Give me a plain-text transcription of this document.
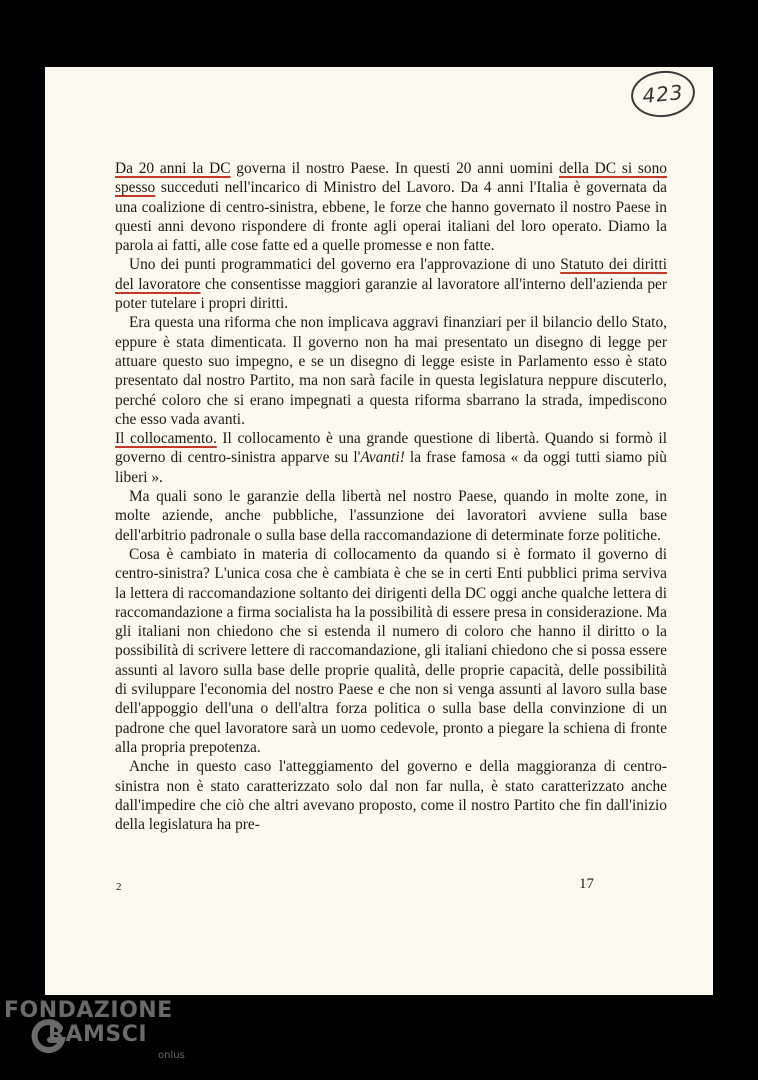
423

Da 20 anni la DC governa il nostro Paese. In questi 20 anni uomini della DC si sono spesso succeduti nell'incarico di Ministro del Lavoro. Da 4 anni l'Italia è governata da una coalizione di centro-sinistra, ebbene, le forze che hanno governato il nostro Paese in questi anni devono rispondere di fronte agli operai italiani del loro operato. Diamo la parola ai fatti, alle cose fatte ed a quelle promesse e non fatte.

Uno dei punti programmatici del governo era l'approvazione di uno Statuto dei diritti del lavoratore che consentisse maggiori garanzie al lavoratore all'interno dell'azienda per poter tutelare i propri diritti.

Era questa una riforma che non implicava aggravi finanziari per il bilancio dello Stato, eppure è stata dimenticata. Il governo non ha mai presentato un disegno di legge per attuare questo suo impegno, e se un disegno di legge esiste in Parlamento esso è stato presentato dal nostro Partito, ma non sarà facile in questa legislatura neppure discuterlo, perché coloro che si erano impegnati a questa riforma sbarrano la strada, impediscono che esso vada avanti.

Il collocamento. Il collocamento è una grande questione di libertà. Quando si formò il governo di centro-sinistra apparve su l'Avanti! la frase famosa « da oggi tutti siamo più liberi ».

Ma quali sono le garanzie della libertà nel nostro Paese, quando in molte zone, in molte aziende, anche pubbliche, l'assunzione dei lavoratori avviene sulla base dell'arbitrio padronale o sulla base della raccomandazione di determinate forze politiche.

Cosa è cambiato in materia di collocamento da quando si è formato il governo di centro-sinistra? L'unica cosa che è cambiata è che se in certi Enti pubblici prima serviva la lettera di raccomandazione soltanto dei dirigenti della DC oggi anche qualche lettera di raccomandazione a firma socialista ha la possibilità di essere presa in considerazione. Ma gli italiani non chiedono che si estenda il numero di coloro che hanno il diritto o la possibilità di scrivere lettere di raccomandazione, gli italiani chiedono che si possa essere assunti al lavoro sulla base delle proprie qualità, delle proprie capacità, delle possibilità di sviluppare l'economia del nostro Paese e che non si venga assunti al lavoro sulla base dell'appoggio dell'una o dell'altra forza politica o sulla base della convinzione di un padrone che quel lavoratore sarà un uomo cedevole, pronto a piegare la schiena di fronte alla propria prepotenza.

Anche in questo caso l'atteggiamento del governo e della maggioranza di centro-sinistra non è stato caratterizzato solo dal non far nulla, è stato caratterizzato anche dall'impedire che ciò che altri avevano proposto, come il nostro Partito che fin dall'inizio della legislatura ha pre-

2	17
FONDAZIONE
RAMSCI
onlus
